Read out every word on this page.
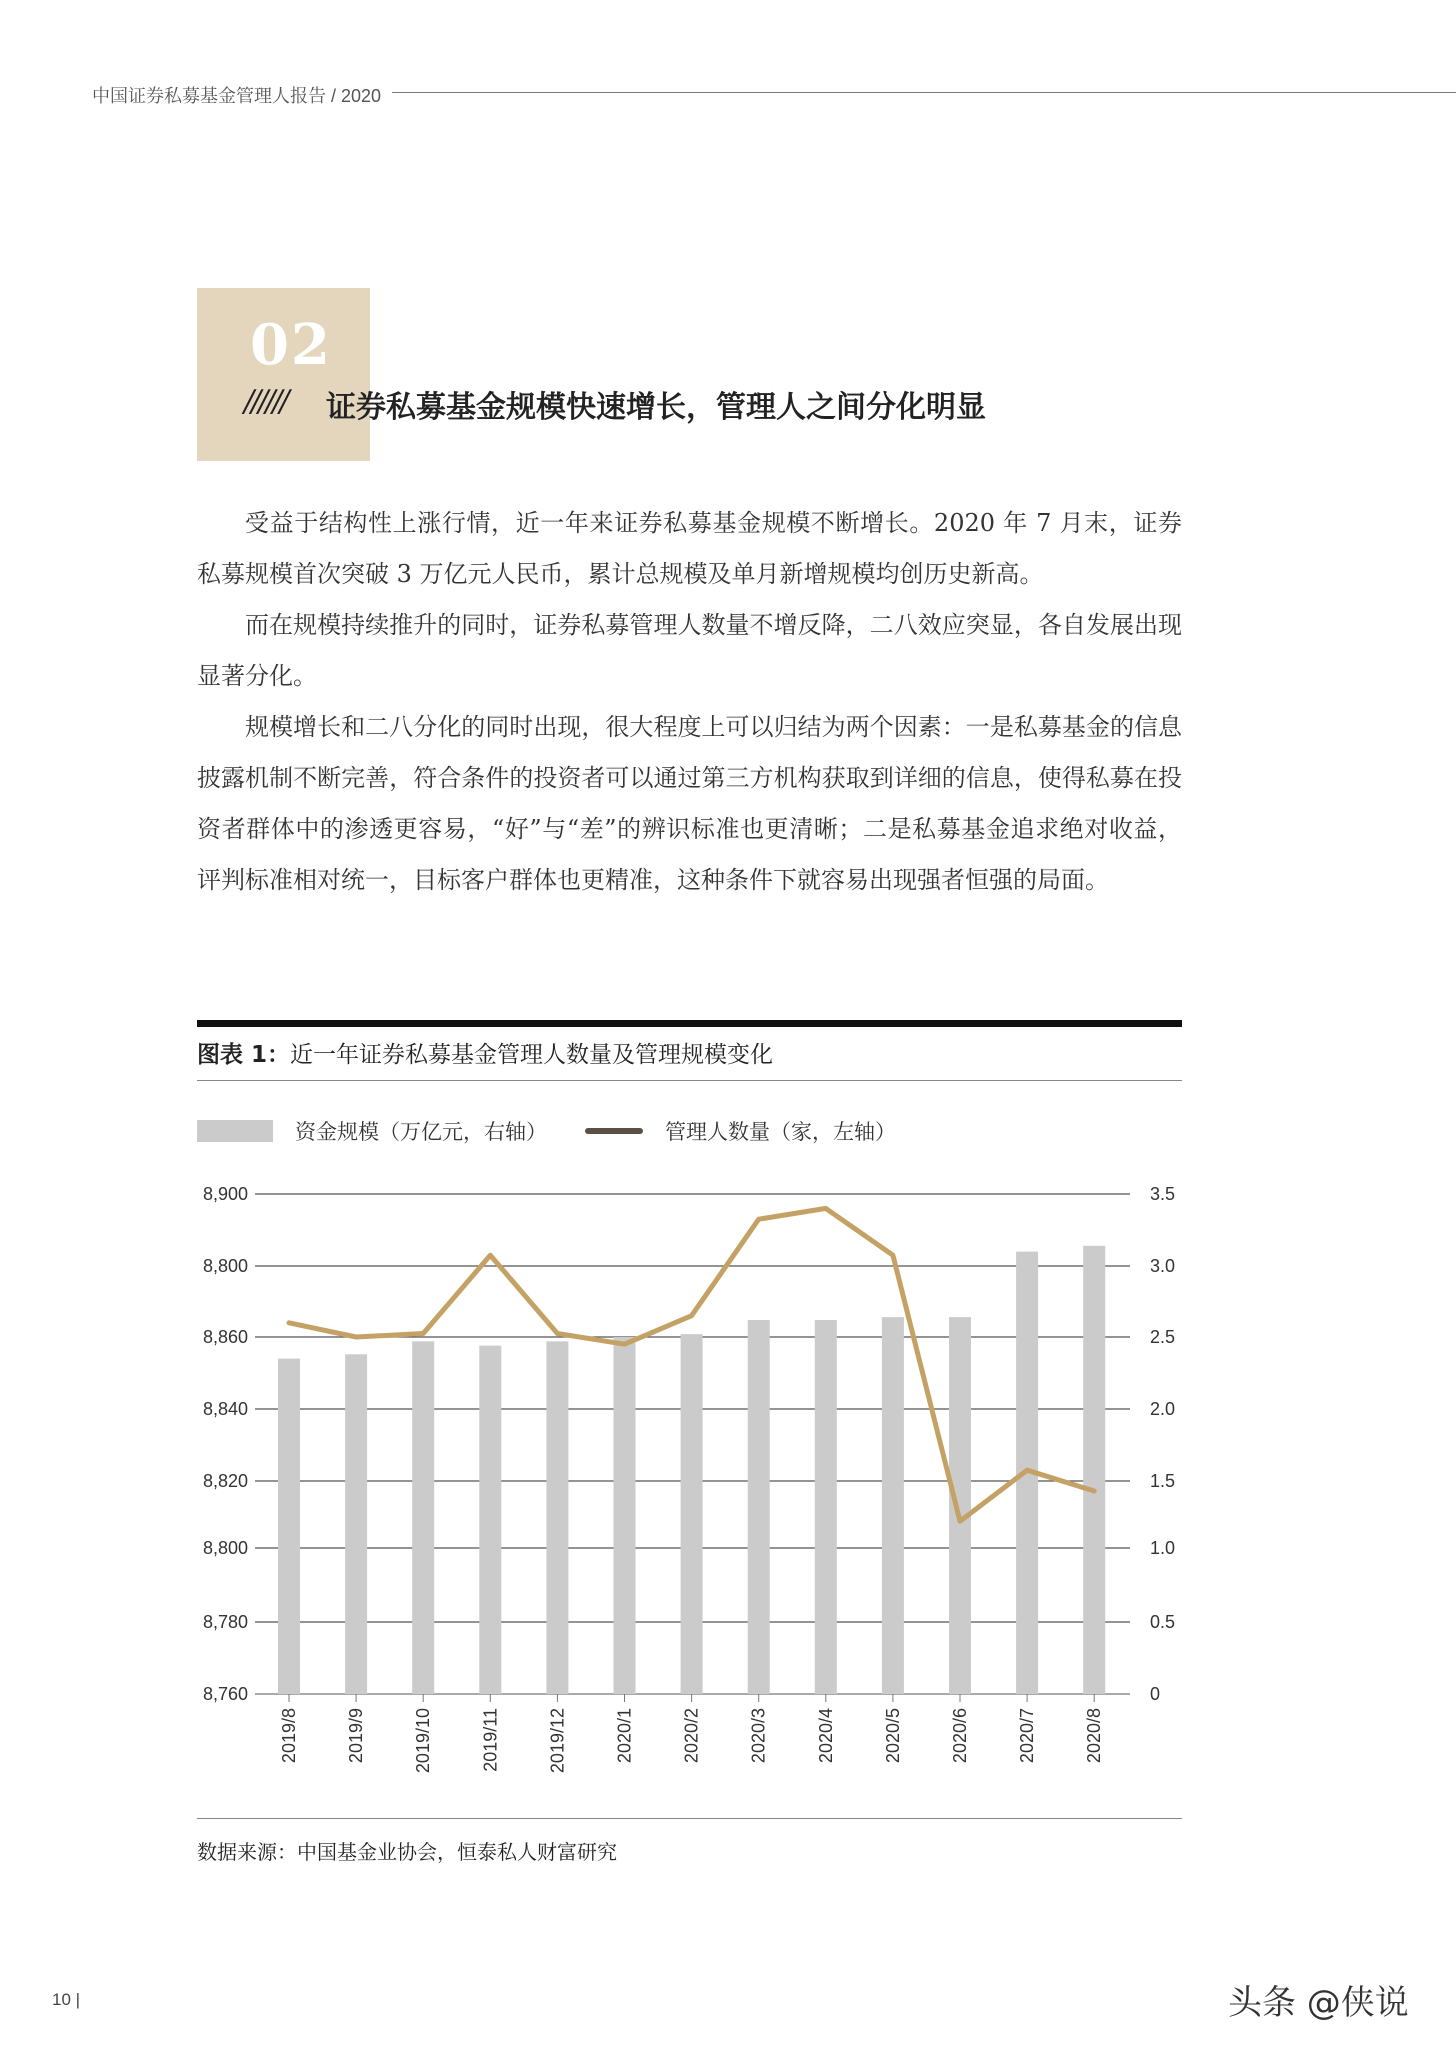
中国证券私募基金管理人报告 / 2020
02
////// 证券私募基金规模快速增长，管理人之间分化明显

受益于结构性上涨行情，近一年来证券私募基金规模不断增长。2020 年 7 月末，证券私募规模首次突破 3 万亿元人民币，累计总规模及单月新增规模均创历史新高。

而在规模持续推升的同时，证券私募管理人数量不增反降，二八效应突显，各自发展出现显著分化。

规模增长和二八分化的同时出现，很大程度上可以归结为两个因素：一是私募基金的信息披露机制不断完善，符合条件的投资者可以通过第三方机构获取到详细的信息，使得私募在投资者群体中的渗透更容易，“好”与“差”的辨识标准也更清晰；二是私募基金追求绝对收益，评判标准相对统一，目标客户群体也更精准，这种条件下就容易出现强者恒强的局面。

图表 1：近一年证券私募基金管理人数量及管理规模变化
资金规模（万亿元，右轴）	管理人数量（家，左轴）
8,760
8,780
8,800
8,820
8,840
8,860
8,800
8,900
0
0.5
1.0
1.5
2.0
2.5
3.0
3.5
2019/8	2019/9	2019/10	2019/11	2019/12	2020/1	2020/2	2020/3	2020/4	2020/5	2020/6	2020/7	2020/8
数据来源：中国基金业协会，恒泰私人财富研究
10 |	头条 @侠说
